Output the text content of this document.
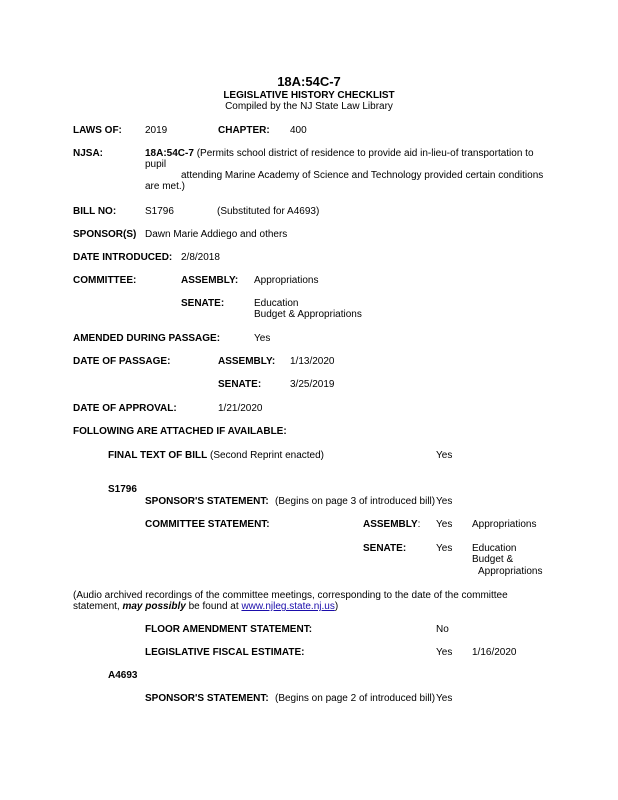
18A:54C-7
LEGISLATIVE HISTORY CHECKLIST
Compiled by the NJ State Law Library
LAWS OF: 2019	CHAPTER: 400
NJSA:	18A:54C-7 (Permits school district of residence to provide aid in-lieu-of transportation to
pupil
attending Marine Academy of Science and Technology provided certain conditions
are met.)
BILL NO:	S1796	(Substituted for A4693)
SPONSOR(S) Dawn Marie Addiego and others
DATE INTRODUCED: 2/8/2018
COMMITTEE:	ASSEMBLY: Appropriations
SENATE:	Education
Budget & Appropriations
AMENDED DURING PASSAGE:	Yes
DATE OF PASSAGE:	ASSEMBLY: 1/13/2020
SENATE:	3/25/2019
DATE OF APPROVAL:	1/21/2020
FOLLOWING ARE ATTACHED IF AVAILABLE:
FINAL TEXT OF BILL (Second Reprint enacted)	Yes
S1796
SPONSOR'S STATEMENT: (Begins on page 3 of introduced bill) Yes
COMMITTEE STATEMENT:	ASSEMBLY: Yes Appropriations
SENATE:	Yes Education
Budget &
Appropriations
(Audio archived recordings of the committee meetings, corresponding to the date of the committee
statement, may possibly be found at www.njleg.state.nj.us)
FLOOR AMENDMENT STATEMENT:	No
LEGISLATIVE FISCAL ESTIMATE:	Yes 1/16/2020
A4693
SPONSOR'S STATEMENT: (Begins on page 2 of introduced bill) Yes
